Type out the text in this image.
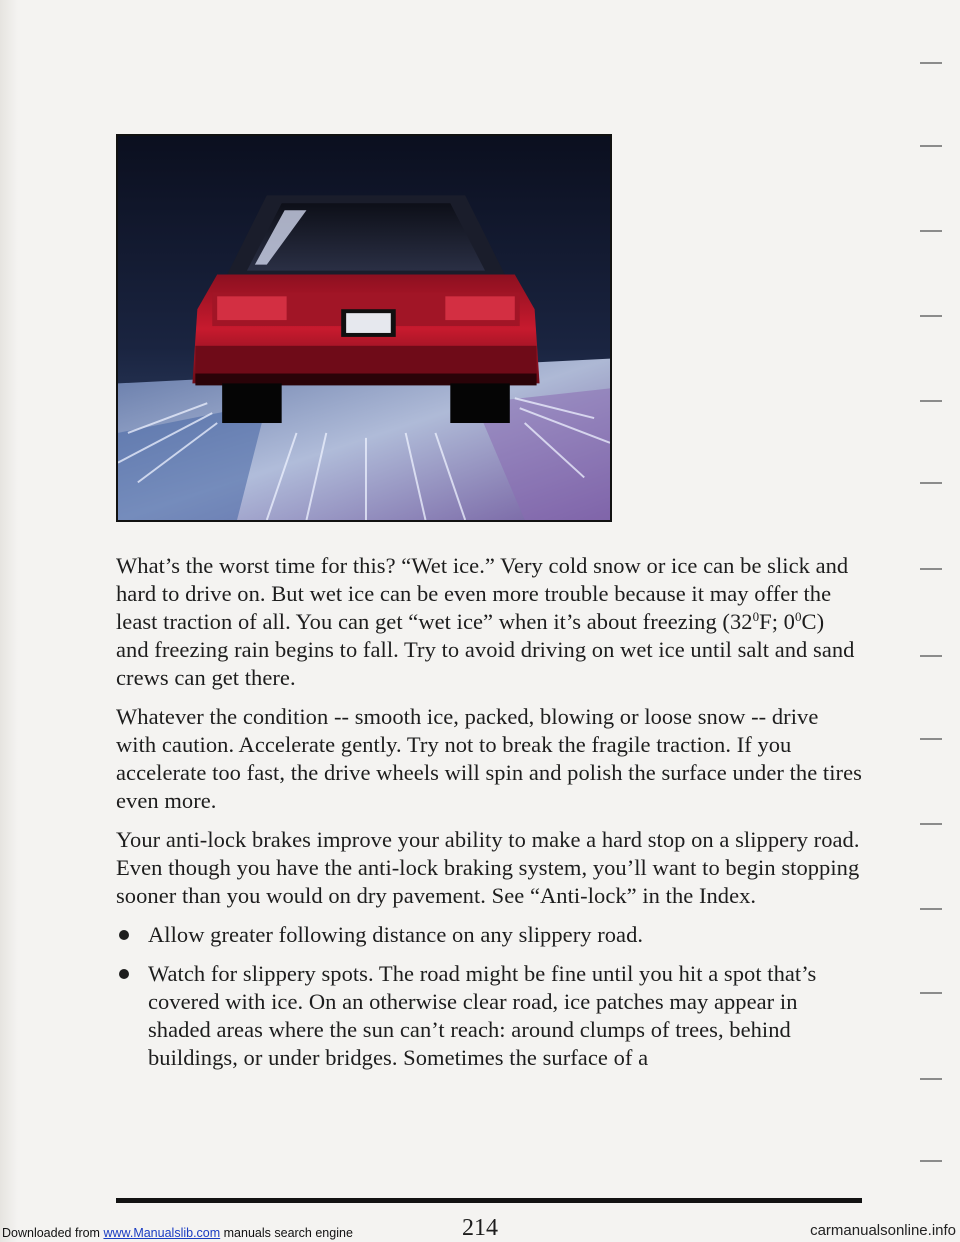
What’s the worst time for this? “Wet ice.” Very cold snow or ice can be slick and hard to drive on. But wet ice can be even more trouble because it may offer the least traction of all. You can get “wet ice” when it’s about freezing ($32^0F$; $0^0C$) and freezing rain begins to fall. Try to avoid driving on wet ice until salt and sand crews can get there.

Whatever the condition -- smooth ice, packed, blowing or loose snow -- drive with caution. Accelerate gently. Try not to break the fragile traction. If you accelerate too fast, the drive wheels will spin and polish the surface under the tires even more.

Your anti-lock brakes improve your ability to make a hard stop on a slippery road. Even though you have the anti-lock braking system, you’ll want to begin stopping sooner than you would on dry pavement. See “Anti-lock” in the Index.

Allow greater following distance on any slippery road.
Watch for slippery spots. The road might be fine until you hit a spot that’s covered with ice. On an otherwise clear road, ice patches may appear in shaded areas where the sun can’t reach: around clumps of trees, behind buildings, or under bridges. Sometimes the surface of a
214
Downloaded from www.Manualslib.com manuals search engine	carmanualsonline.info
